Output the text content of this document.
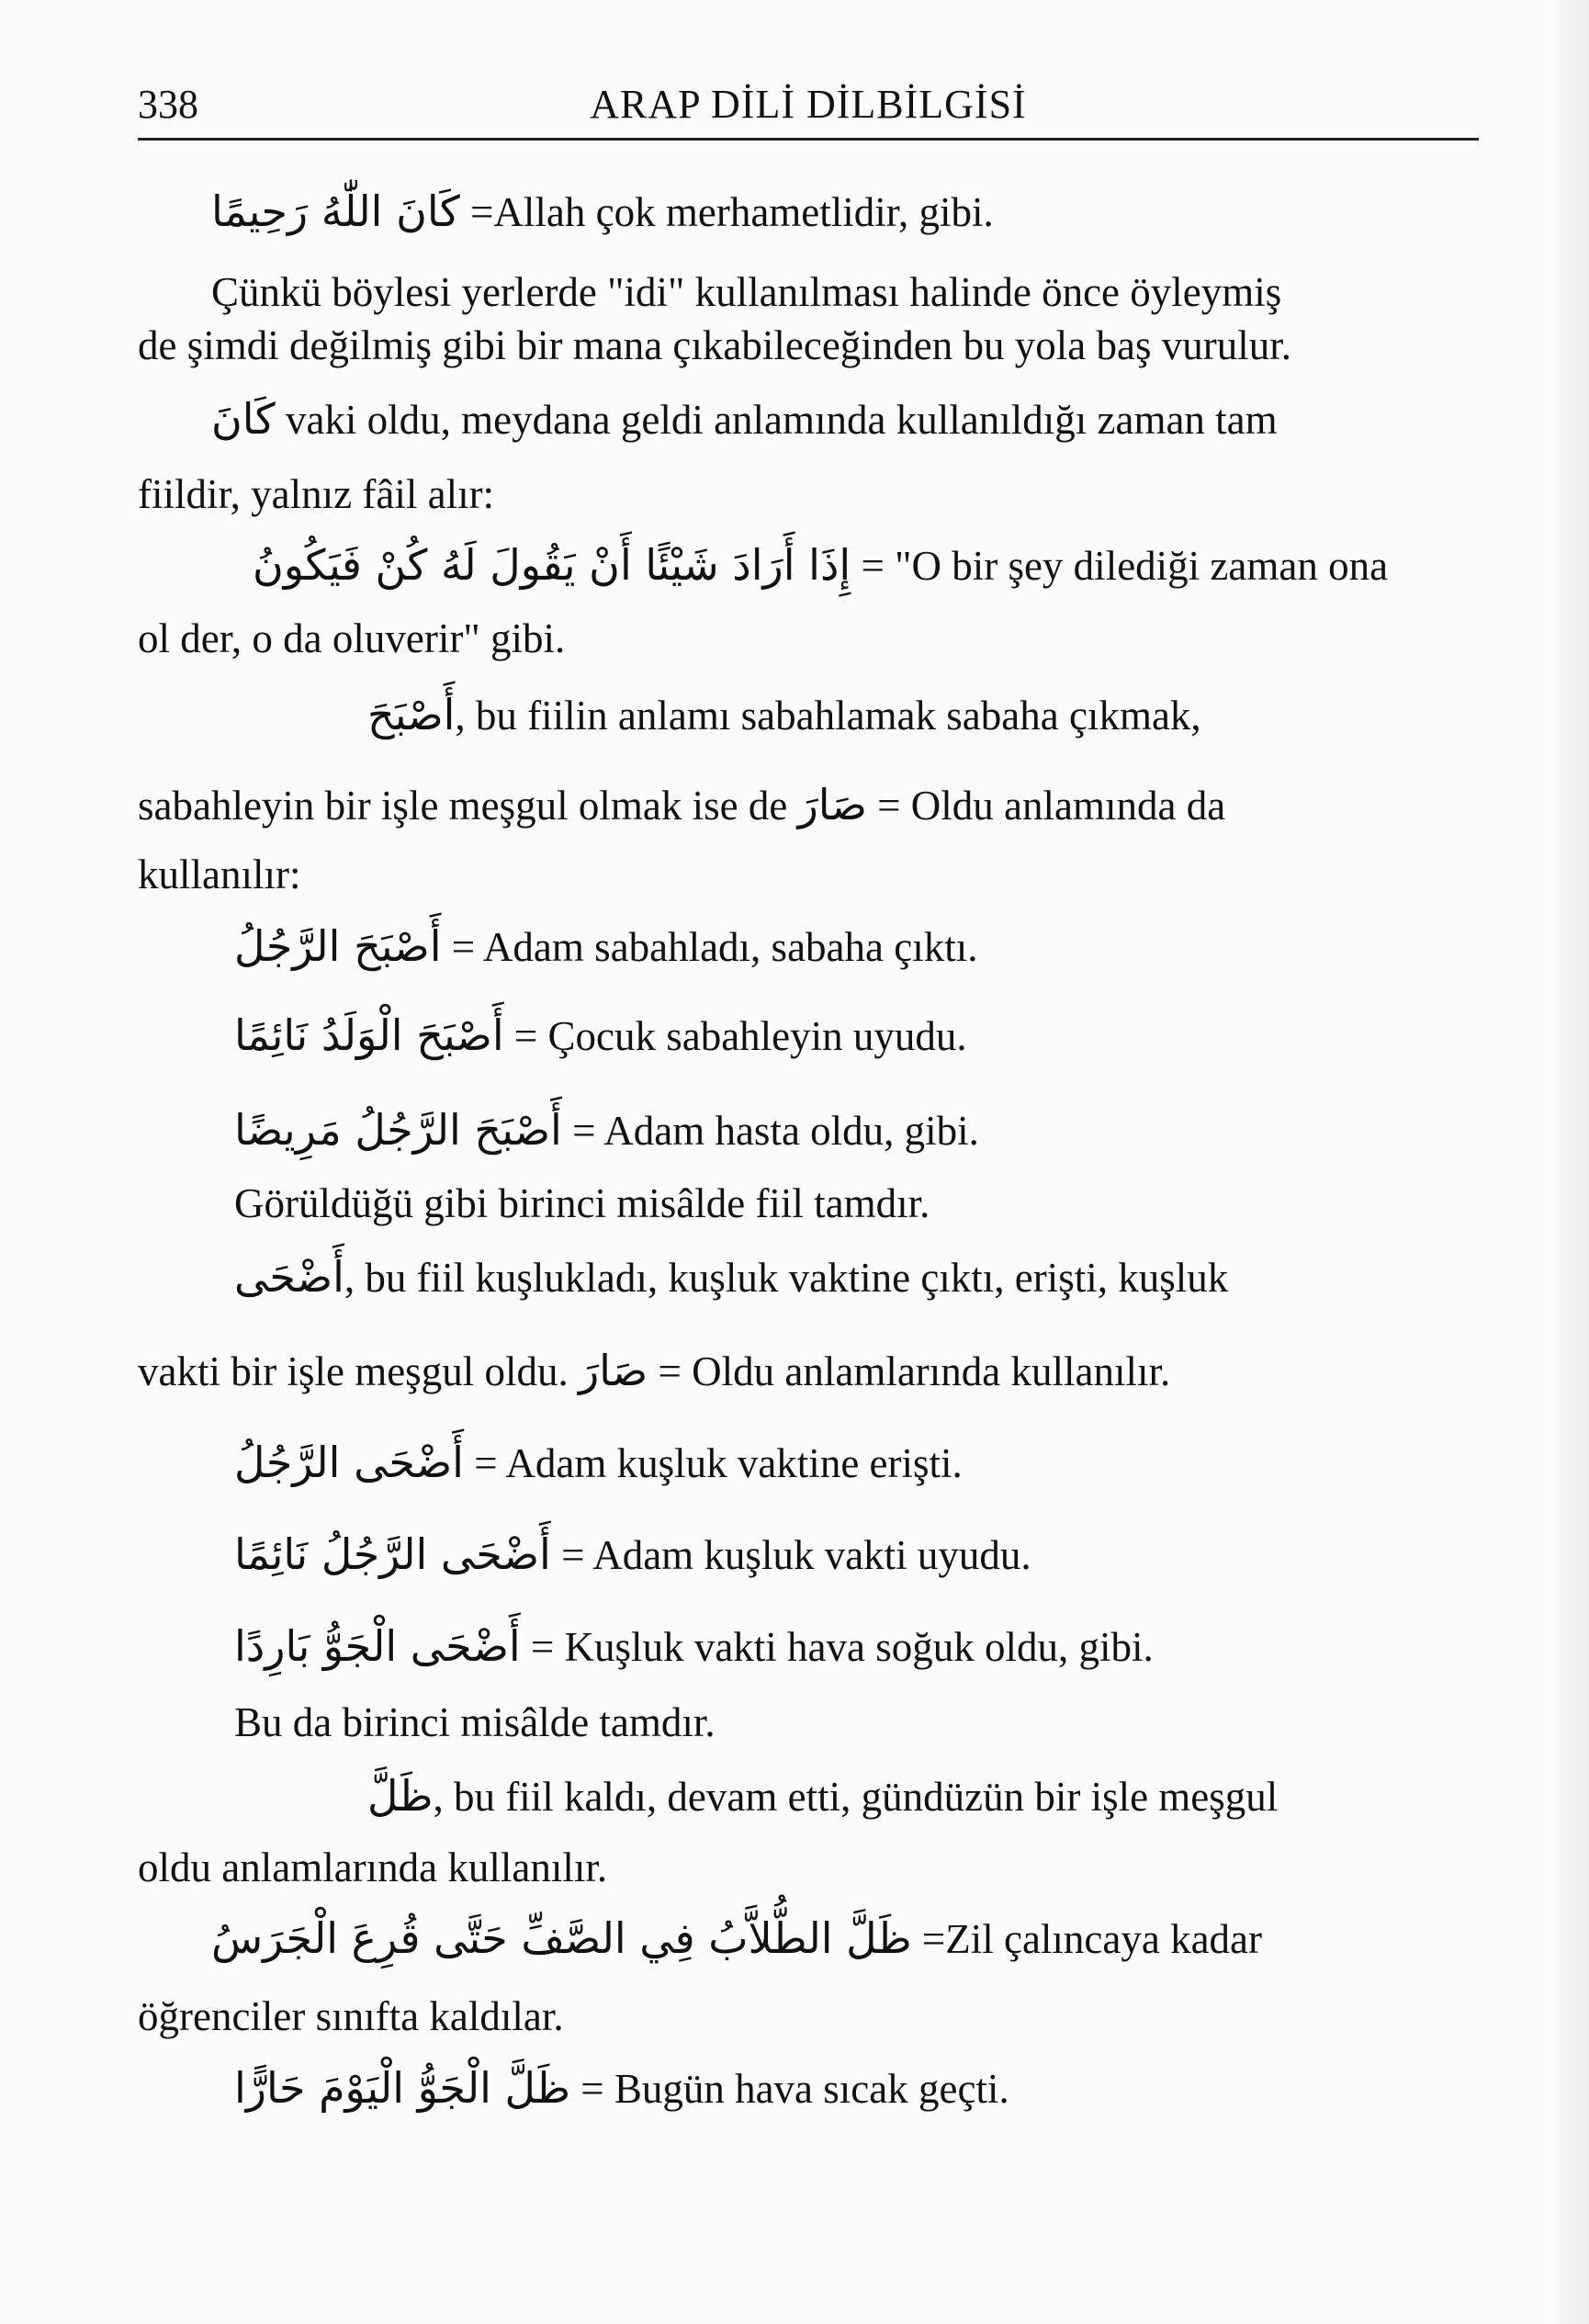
338	ARAP DİLİ DİLBİLGİSİ
كَانَ اللّٰهُ رَحِيمًا =Allah çok merhametlidir, gibi.
Çünkü böylesi yerlerde "idi" kullanılması halinde önce öyleymiş
de şimdi değilmiş gibi bir mana çıkabileceğinden bu yola baş vurulur.
كَانَ vaki oldu, meydana geldi anlamında kullanıldığı zaman tam
fiildir, yalnız fâil alır:
إِذَا أَرَادَ شَيْئًا أَنْ يَقُولَ لَهُ كُنْ فَيَكُونُ = "O bir şey dilediği zaman ona
ol der, o da oluverir" gibi.
أَصْبَحَ, bu fiilin anlamı sabahlamak sabaha çıkmak,
sabahleyin bir işle meşgul olmak ise de صَارَ = Oldu anlamında da
kullanılır:
أَصْبَحَ الرَّجُلُ = Adam sabahladı, sabaha çıktı.
أَصْبَحَ الْوَلَدُ نَائِمًا = Çocuk sabahleyin uyudu.
أَصْبَحَ الرَّجُلُ مَرِيضًا = Adam hasta oldu, gibi.
Görüldüğü gibi birinci misâlde fiil tamdır.
أَضْحَى, bu fiil kuşlukladı, kuşluk vaktine çıktı, erişti, kuşluk
vakti bir işle meşgul oldu. صَارَ = Oldu anlamlarında kullanılır.
أَضْحَى الرَّجُلُ = Adam kuşluk vaktine erişti.
أَضْحَى الرَّجُلُ نَائِمًا = Adam kuşluk vakti uyudu.
أَضْحَى الْجَوُّ بَارِدًا = Kuşluk vakti hava soğuk oldu, gibi.
Bu da birinci misâlde tamdır.
ظَلَّ, bu fiil kaldı, devam etti, gündüzün bir işle meşgul
oldu anlamlarında kullanılır.
ظَلَّ الطُّلاَّبُ فِي الصَّفِّ حَتَّى قُرِعَ الْجَرَسُ =Zil çalıncaya kadar
öğrenciler sınıfta kaldılar.
ظَلَّ الْجَوُّ الْيَوْمَ حَارًّا = Bugün hava sıcak geçti.
